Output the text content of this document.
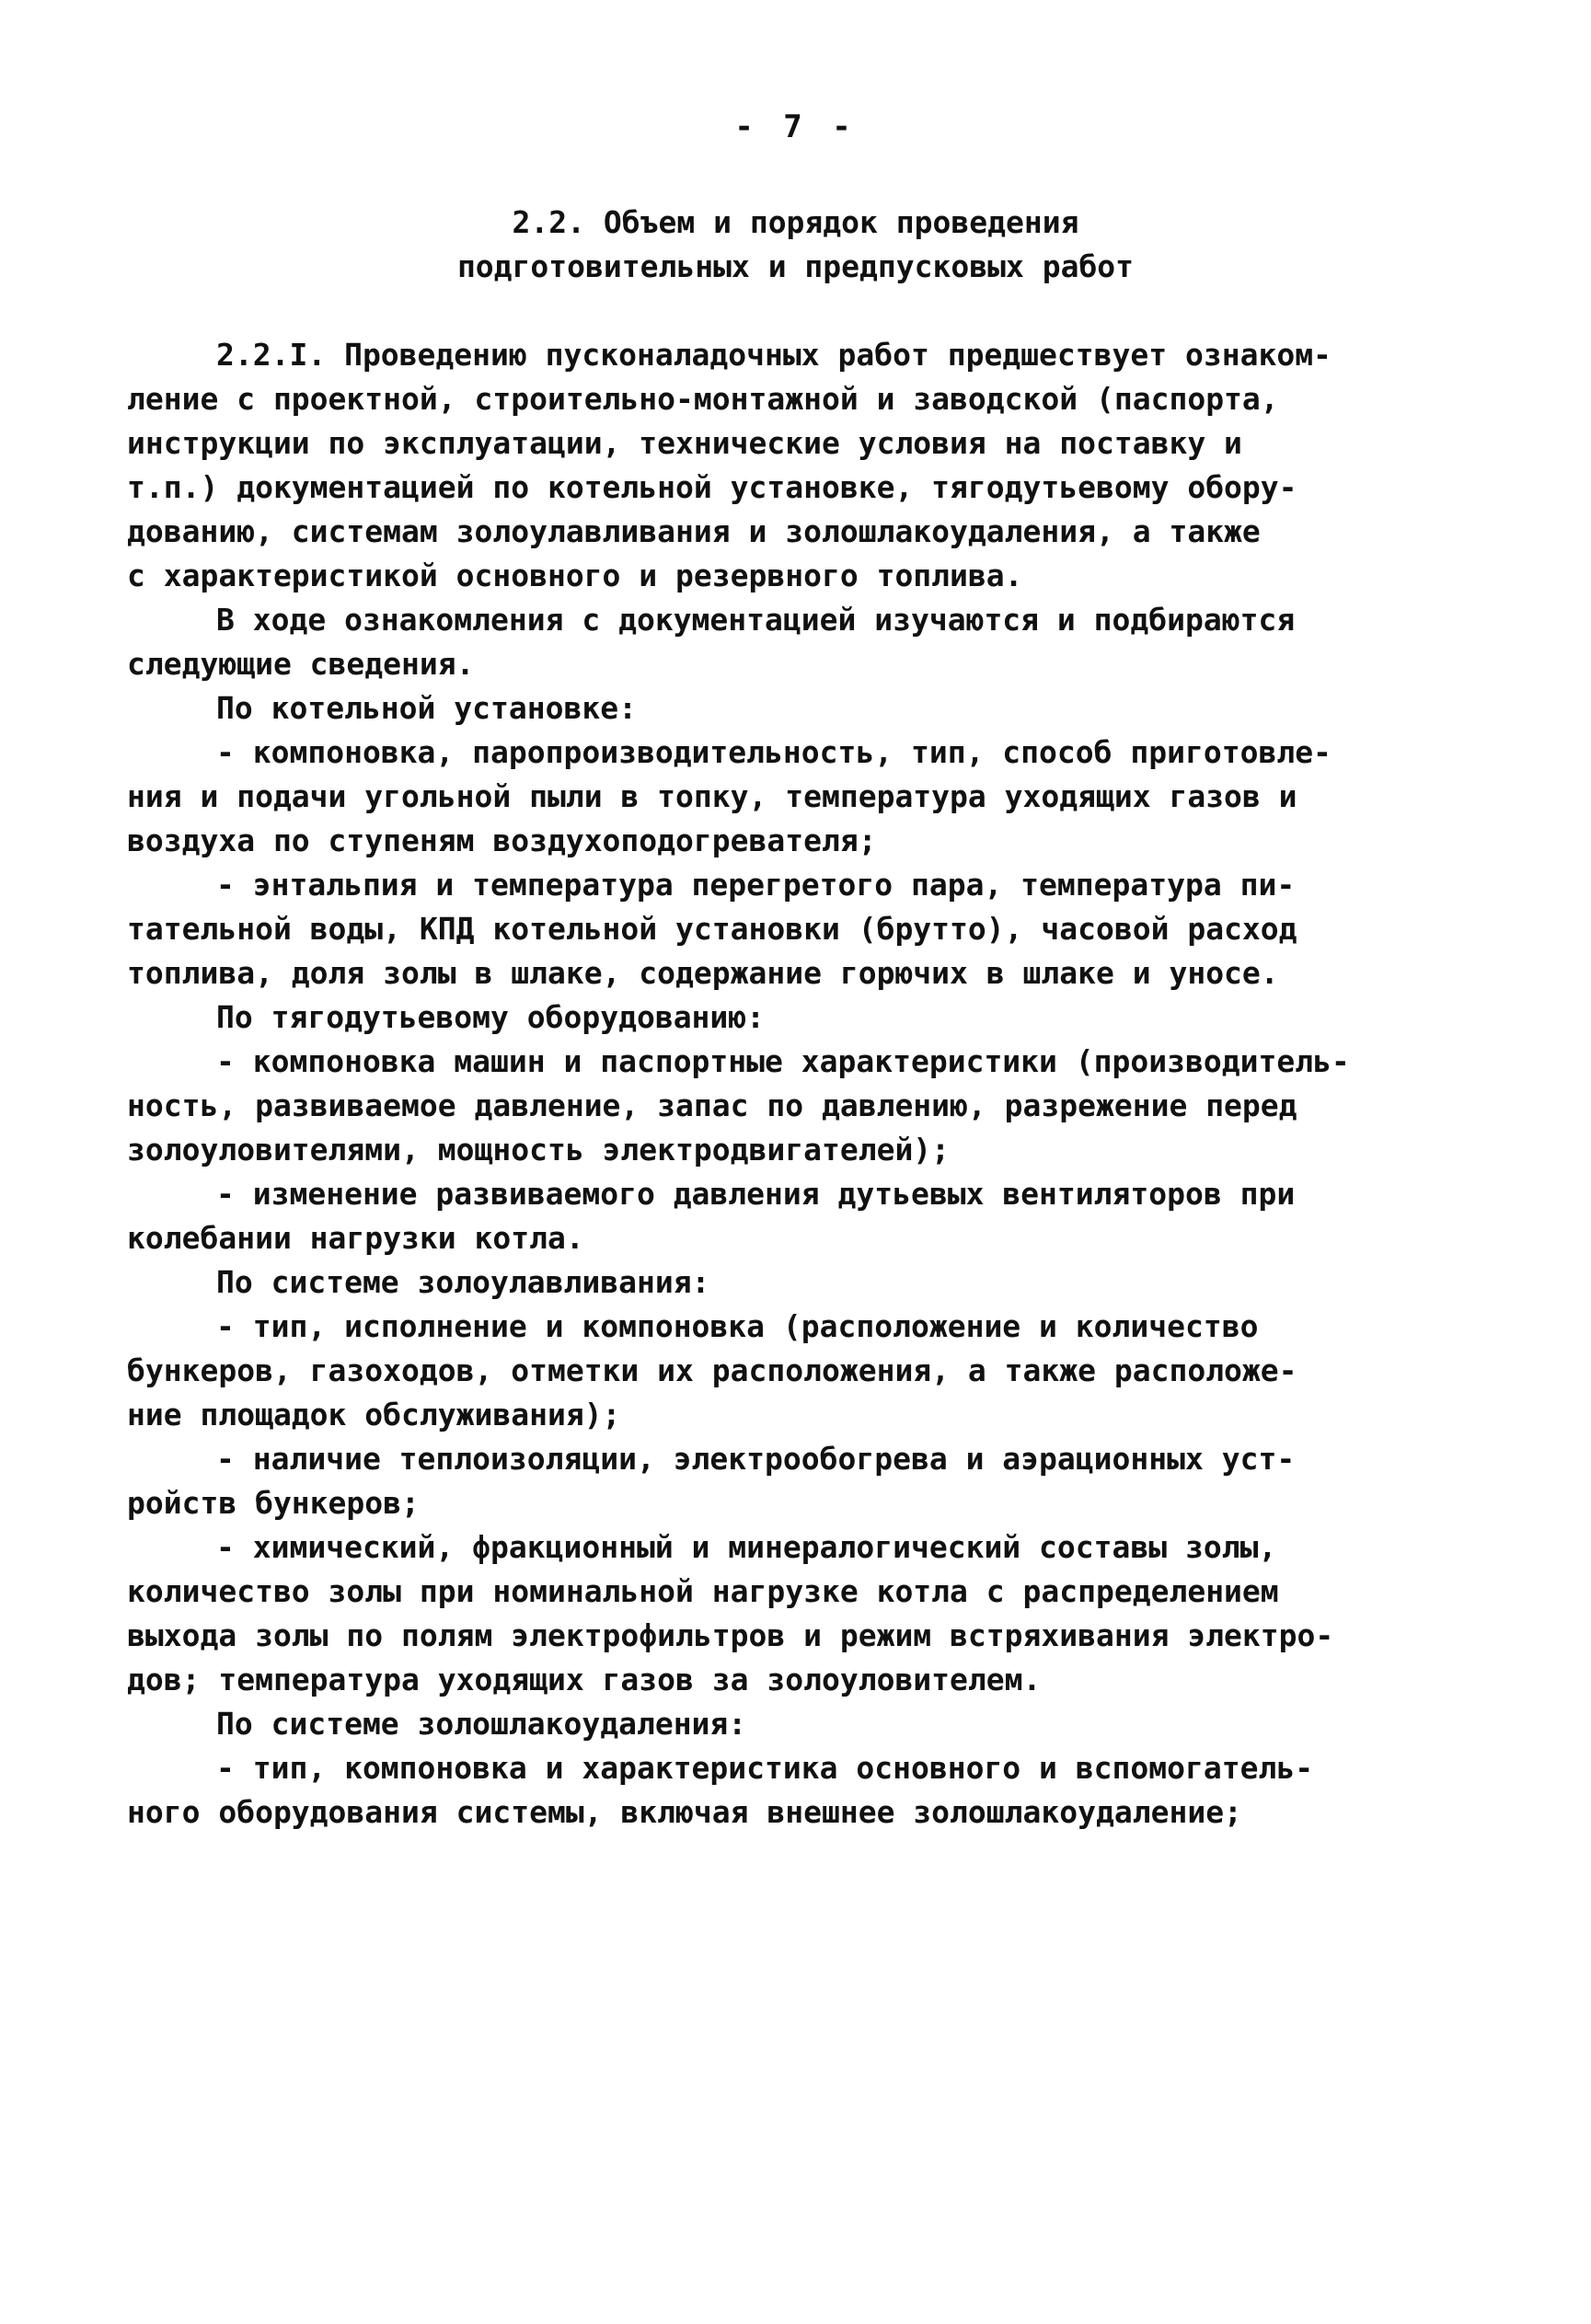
- 7 -
2.2. Объем и порядок проведения
подготовительных и предпусковых работ
2.2.I. Проведению пусконаладочных работ предшествует ознаком-
ление с проектной, строительно-монтажной и заводской (паспорта,
инструкции по эксплуатации, технические условия на поставку и
т.п.) документацией по котельной установке, тягодутьевому обору-
дованию, системам золоулавливания и золошлакоудаления, а также
с характеристикой основного и резервного топлива.
В ходе ознакомления с документацией изучаются и подбираются
следующие сведения.
По котельной установке:
- компоновка, паропроизводительность, тип, способ приготовле-
ния и подачи угольной пыли в топку, температура уходящих газов и
воздуха по ступеням воздухоподогревателя;
- энтальпия и температура перегретого пара, температура пи-
тательной воды, КПД котельной установки (брутто), часовой расход
топлива, доля золы в шлаке, содержание горючих в шлаке и уносе.
По тягодутьевому оборудованию:
- компоновка машин и паспортные характеристики (производитель-
ность, развиваемое давление, запас по давлению, разрежение перед
золоуловителями, мощность электродвигателей);
- изменение развиваемого давления дутьевых вентиляторов при
колебании нагрузки котла.
По системе золоулавливания:
- тип, исполнение и компоновка (расположение и количество
бункеров, газоходов, отметки их расположения, а также расположе-
ние площадок обслуживания);
- наличие теплоизоляции, электрообогрева и аэрационных уст-
ройств бункеров;
- химический, фракционный и минералогический составы золы,
количество золы при номинальной нагрузке котла с распределением
выхода золы по полям электрофильтров и режим встряхивания электро-
дов; температура уходящих газов за золоуловителем.
По системе золошлакоудаления:
- тип, компоновка и характеристика основного и вспомогатель-
ного оборудования системы, включая внешнее золошлакоудаление;
